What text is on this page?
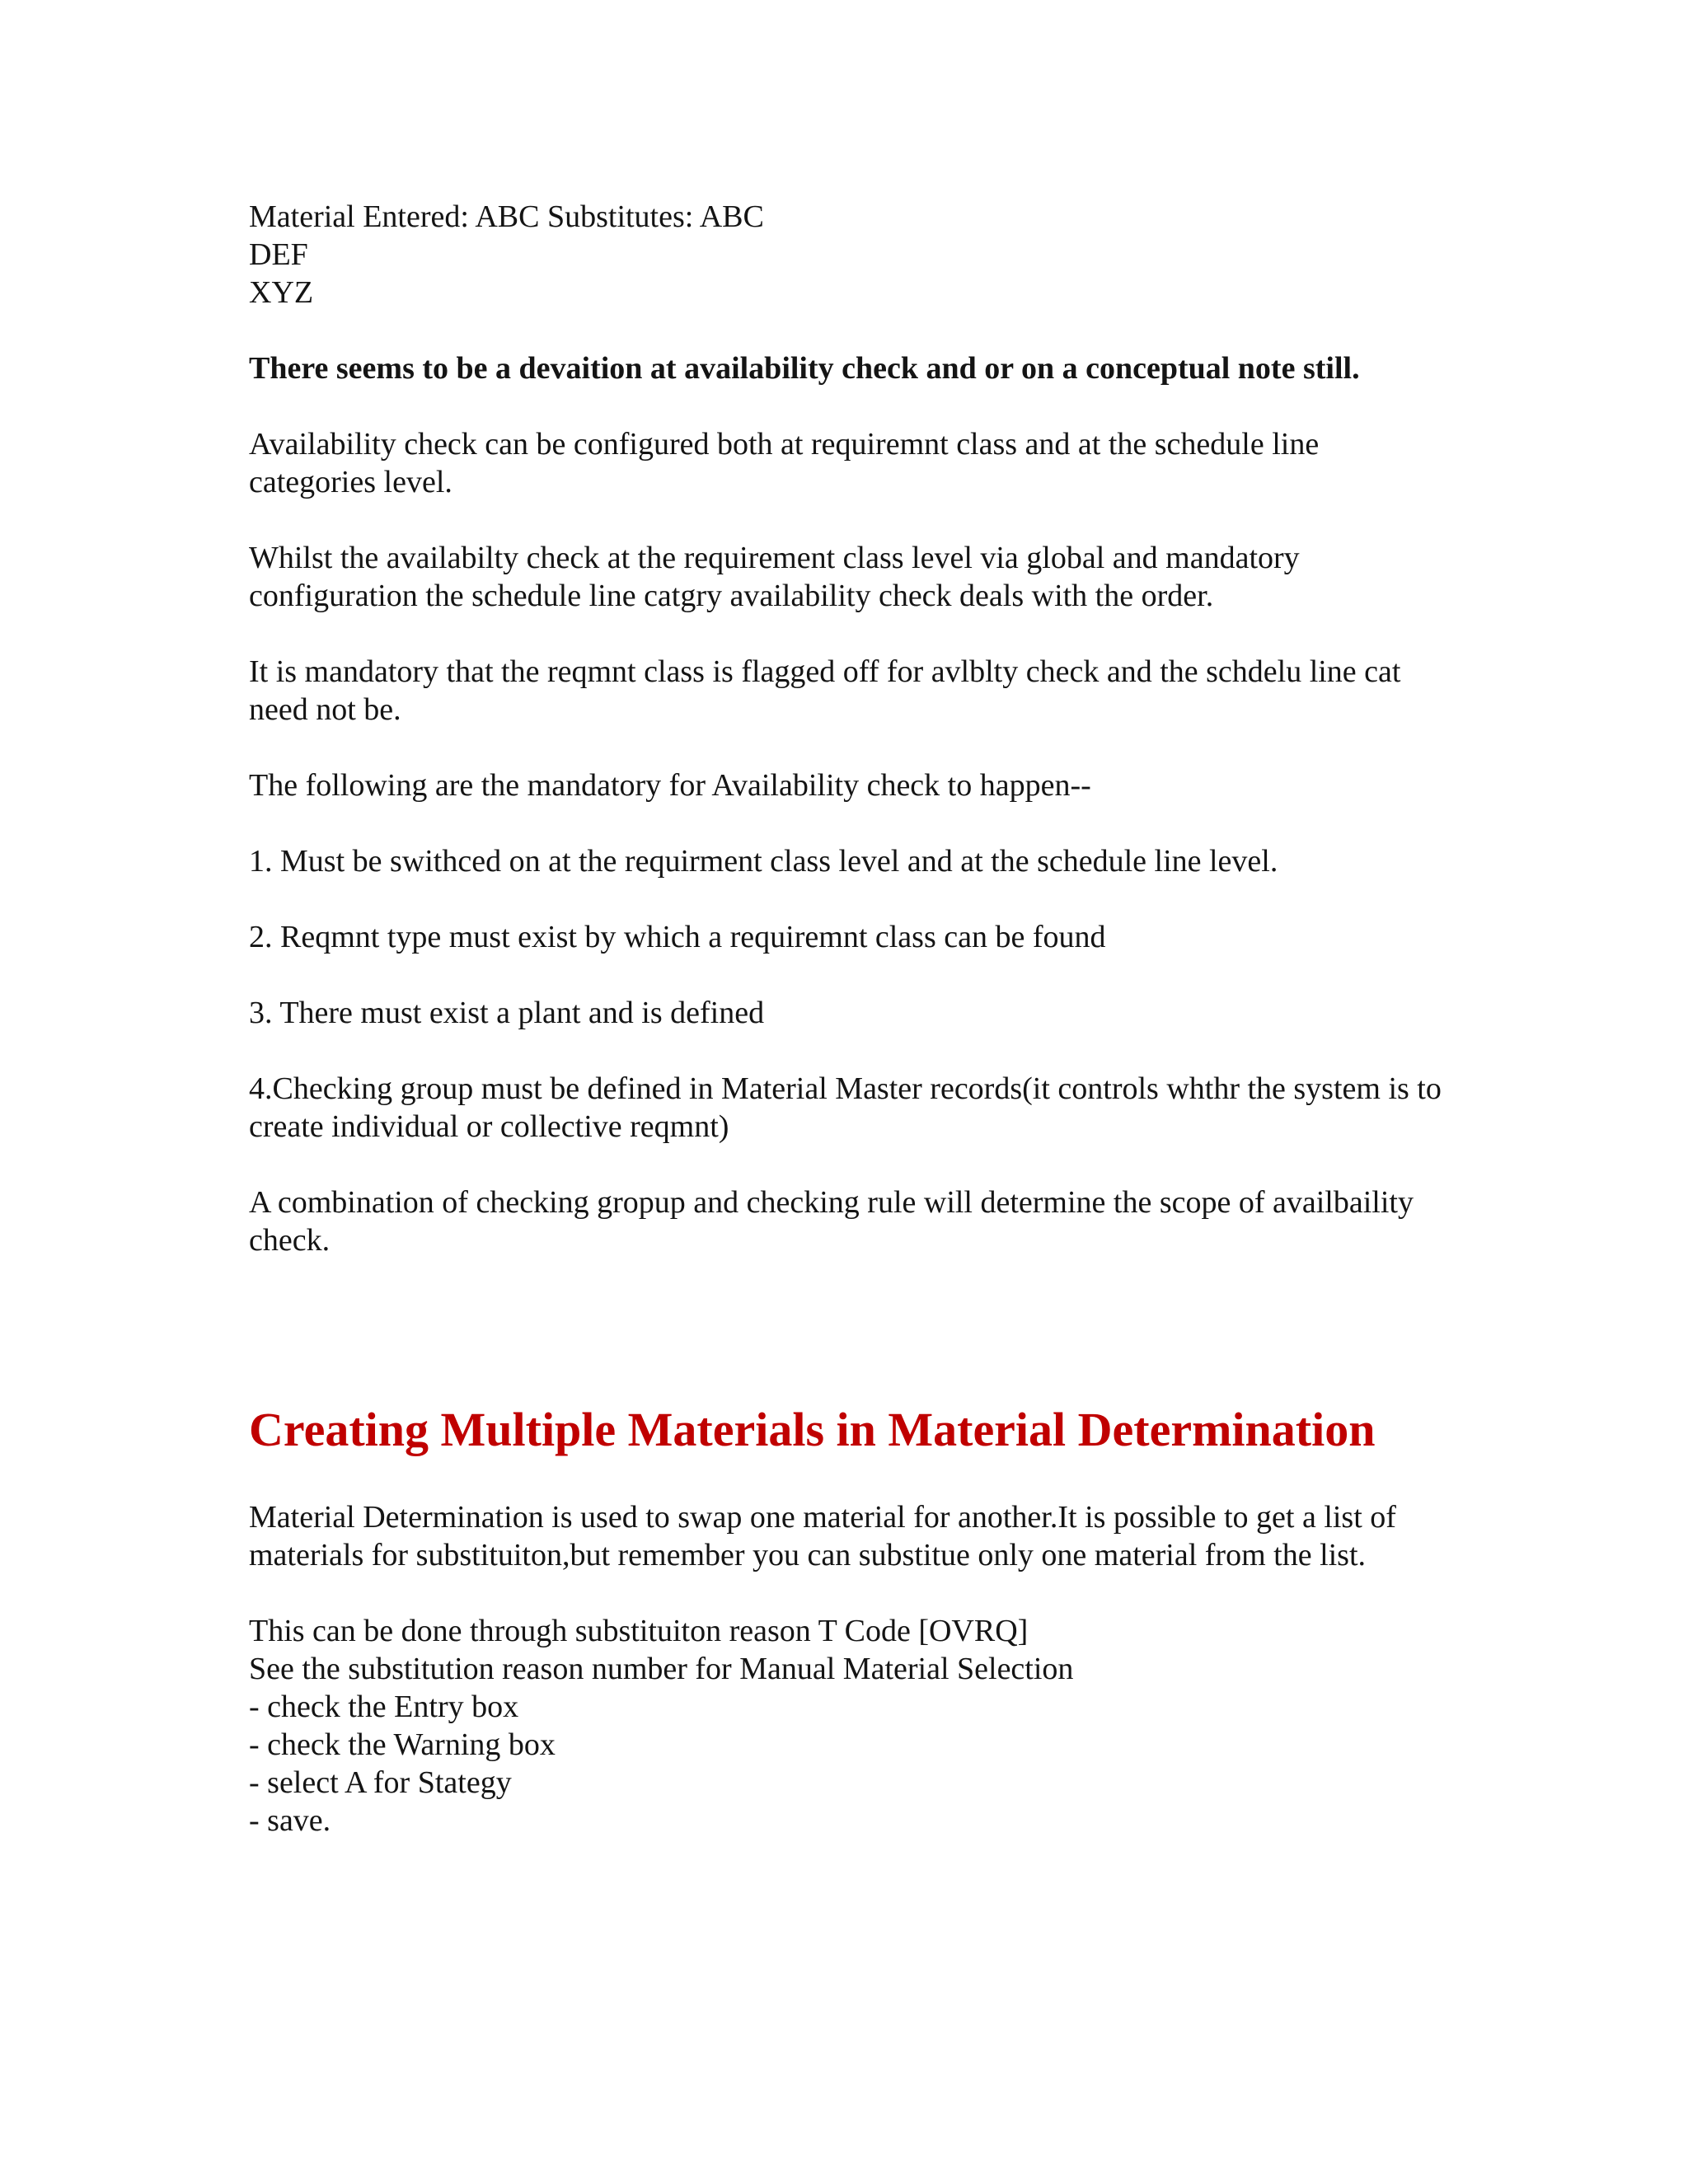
Material Entered: ABC Substitutes: ABC
DEF
XYZ

There seems to be a devaition at availability check and or on a conceptual note still.

Availability check can be configured both at requiremnt class and at the schedule line categories level.

Whilst the availabilty check at the requirement class level via global and mandatory configuration the schedule line catgry availability check deals with the order.

It is mandatory that the reqmnt class is flagged off for avlblty check and the schdelu line cat need not be.

The following are the mandatory for Availability check to happen--

1. Must be swithced on at the requirment class level and at the schedule line level.

2. Reqmnt type must exist by which a requiremnt class can be found

3. There must exist a plant and is defined

4.Checking group must be defined in Material Master records(it controls whthr the system is to create individual or collective reqmnt)

A combination of checking gropup and checking rule will determine the scope of availbaility check.

Creating Multiple Materials in Material Determination

Material Determination is used to swap one material for another.It is possible to get a list of materials for substituiton,but remember you can substitue only one material from the list.

This can be done through substituiton reason T Code [OVRQ]
See the substitution reason number for Manual Material Selection
- check the Entry box
- check the Warning box
- select A for Stategy
- save.
